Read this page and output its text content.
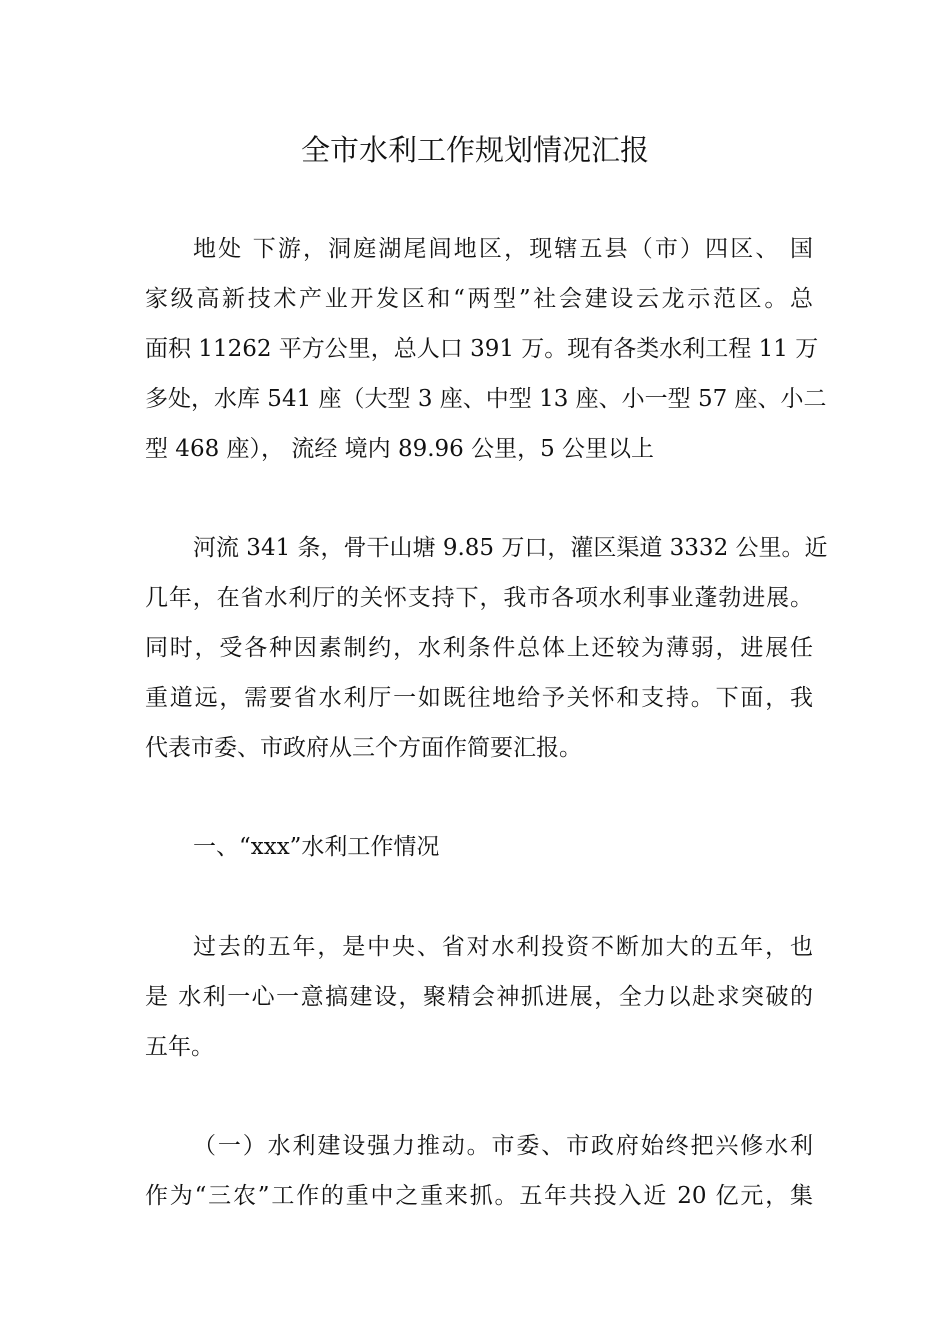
全市水利工作规划情况汇报
地处 下游，洞庭湖尾闾地区，现辖五县（市）四区、 国
家级高新技术产业开发区和“两型”社会建设云龙示范区。总
面积 11262 平方公里，总人口 391 万。现有各类水利工程 11 万
多处，水库 541 座（大型 3 座、中型 13 座、小一型 57 座、小二
型 468 座）， 流经 境内 89.96 公里，5 公里以上
河流 341 条，骨干山塘 9.85 万口，灌区渠道 3332 公里。近
几年，在省水利厅的关怀支持下，我市各项水利事业蓬勃进展。
同时，受各种因素制约，水利条件总体上还较为薄弱，进展任
重道远，需要省水利厅一如既往地给予关怀和支持。下面，我
代表市委、市政府从三个方面作简要汇报。
一、“xxx”水利工作情况
过去的五年，是中央、省对水利投资不断加大的五年，也
是 水利一心一意搞建设，聚精会神抓进展，全力以赴求突破的
五年。
（一）水利建设强力推动。市委、市政府始终把兴修水利
作为“三农”工作的重中之重来抓。五年共投入近 20 亿元，集
